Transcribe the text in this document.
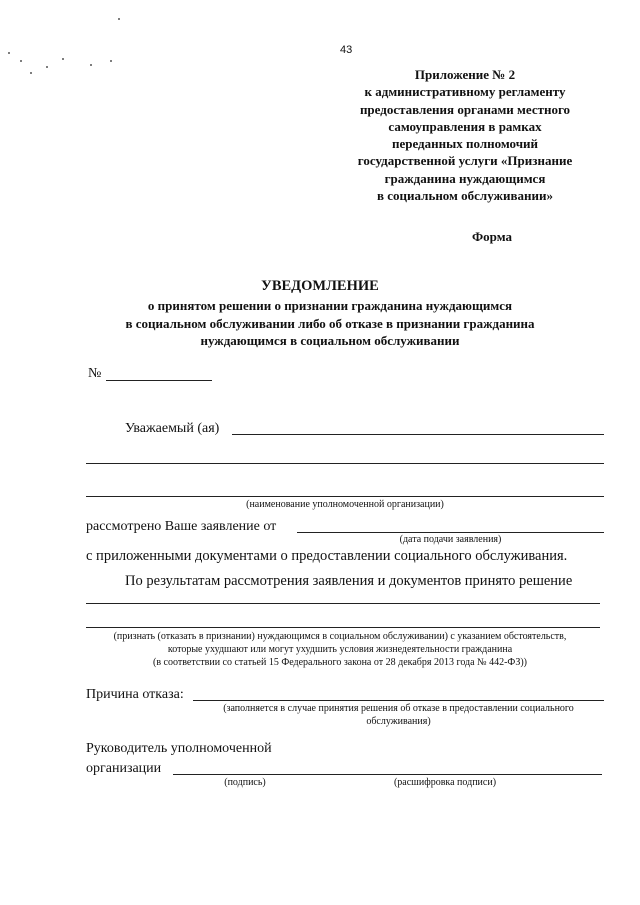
43
Приложение № 2
к административному регламенту
предоставления органами местного
самоуправления в рамках
переданных полномочий
государственной услуги «Признание
гражданина нуждающимся
в социальном обслуживании»
Форма
УВЕДОМЛЕНИЕ
о принятом решении о признании гражданина нуждающимся
в социальном обслуживании либо об отказе в признании гражданина
нуждающимся в социальном обслуживании
№
Уважаемый (ая)
(наименование уполномоченной организации)
рассмотрено Ваше заявление от
(дата подачи заявления)
с приложенными документами о предоставлении социального обслуживания.
По результатам рассмотрения заявления и документов принято решение
(признать (отказать в признании) нуждающимся в социальном обслуживании) с указанием обстоятельств,
которые ухудшают или могут ухудшить условия жизнедеятельности гражданина
(в соответствии со статьей 15 Федерального закона от 28 декабря 2013 года № 442-ФЗ))
Причина отказа:
(заполняется в случае принятия решения об отказе в предоставлении социального
обслуживания)
Руководитель уполномоченной
организации
(подпись)	(расшифровка подписи)
